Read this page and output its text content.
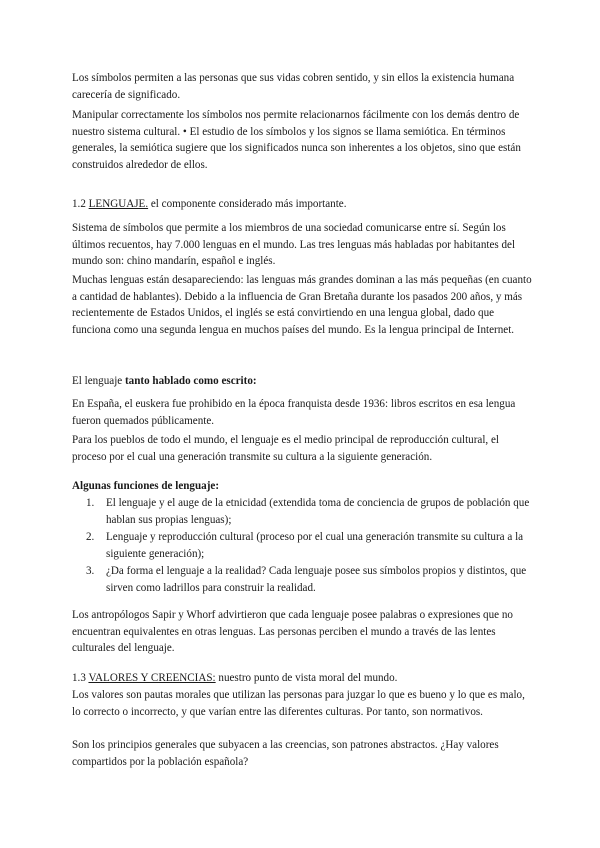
Los símbolos permiten a las personas que sus vidas cobren sentido, y sin ellos la existencia humana carecería de significado.

Manipular correctamente los símbolos nos permite relacionarnos fácilmente con los demás dentro de nuestro sistema cultural. • El estudio de los símbolos y los signos se llama semiótica. En términos generales, la semiótica sugiere que los significados nunca son inherentes a los objetos, sino que están construidos alrededor de ellos.

1.2 LENGUAJE. el componente considerado más importante.

Sistema de símbolos que permite a los miembros de una sociedad comunicarse entre sí. Según los últimos recuentos, hay 7.000 lenguas en el mundo. Las tres lenguas más habladas por habitantes del mundo son: chino mandarín, español e inglés.

Muchas lenguas están desapareciendo: las lenguas más grandes dominan a las más pequeñas (en cuanto a cantidad de hablantes). Debido a la influencia de Gran Bretaña durante los pasados 200 años, y más recientemente de Estados Unidos, el inglés se está convirtiendo en una lengua global, dado que funciona como una segunda lengua en muchos países del mundo. Es la lengua principal de Internet.

El lenguaje tanto hablado como escrito:

En España, el euskera fue prohibido en la época franquista desde 1936: libros escritos en esa lengua fueron quemados públicamente.

Para los pueblos de todo el mundo, el lenguaje es el medio principal de reproducción cultural, el proceso por el cual una generación transmite su cultura a la siguiente generación.

Algunas funciones de lenguaje:

1. El lenguaje y el auge de la etnicidad (extendida toma de conciencia de grupos de población que hablan sus propias lenguas);
2. Lenguaje y reproducción cultural (proceso por el cual una generación transmite su cultura a la siguiente generación);
3. ¿Da forma el lenguaje a la realidad? Cada lenguaje posee sus símbolos propios y distintos, que sirven como ladrillos para construir la realidad.

Los antropólogos Sapir y Whorf advirtieron que cada lenguaje posee palabras o expresiones que no encuentran equivalentes en otras lenguas. Las personas perciben el mundo a través de las lentes culturales del lenguaje.

1.3 VALORES Y CREENCIAS: nuestro punto de vista moral del mundo.

Los valores son pautas morales que utilizan las personas para juzgar lo que es bueno y lo que es malo, lo correcto o incorrecto, y que varían entre las diferentes culturas. Por tanto, son normativos.

Son los principios generales que subyacen a las creencias, son patrones abstractos. ¿Hay valores compartidos por la población española?
